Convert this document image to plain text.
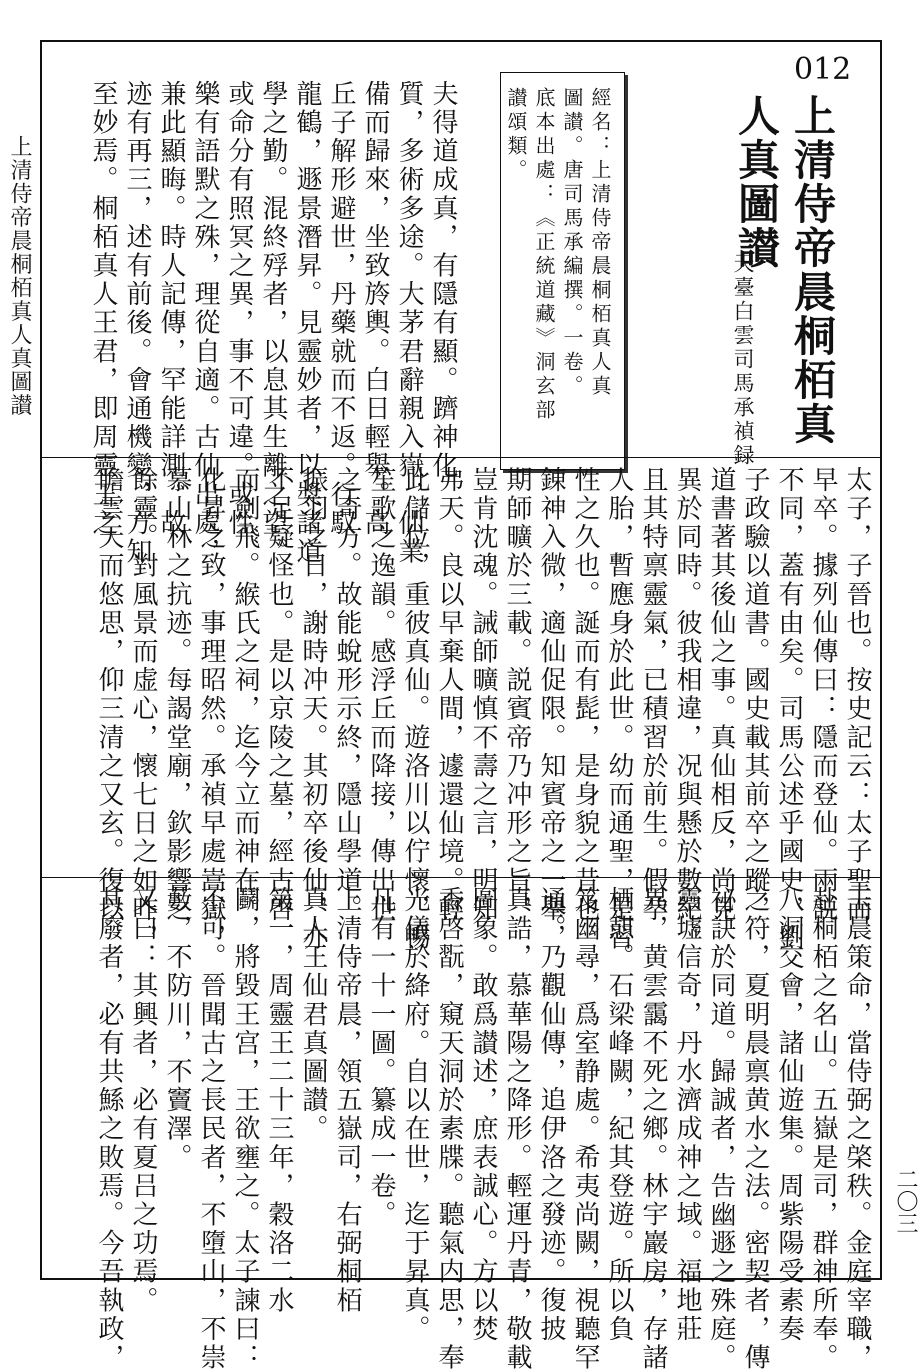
上清侍帝晨桐栢真人真圖讃
二〇三
012
上清侍帝晨桐栢真
人真圖讃
天臺白雲司馬承禎録
經名：上清侍帝晨桐栢真人真
圖讃。唐司馬承編撰。一卷。
底本出處：《正統道藏》洞玄部
讃頌類。
夫得道成真，有隱有顯。躋神化
質，多術多途。大茅君辭親入嶽，仙業
備而歸來，坐致旍輿。白日輕舉。高
丘子解形避世，丹藥就而不返。行馭
龍鶴，遯景潛昇。見靈妙者，以奬諸道
學之勤。混終殍者，以息其生離之望。
或命分有照冥之異，事不可違。或性
樂有語默之殊，理從自適。古仙出處，
兼此顯晦。時人記傳，罕能詳測。故
迹有再三，述有前後。會通機變，方知
至妙焉。桐栢真人王君，即周靈王之
太子，子晉也。按史記云：太子聖而
早卒。據列仙傳曰：隱而登仙。兩説
不同，蓋有由矣。司馬公述乎國史，劉
子政驗以道書。國史載其前卒之蹤，
道書著其後仙之事。真仙相反，尚見
異於同時。彼我相違，况與懸於數紀。
且其特禀靈氣，已積習於前生。假孕
人胎，暫應身於此世。幼而通聖，是習
性之久也。誕而有髭，是身貌之昔也。
錬神入微，適仙促限。知賓帝之一舉，
期師曠於三載。説賓帝乃冲形之旨，
豈肯沈魂。誡師曠慎不壽之言，明知
弗天。良以早棄人間，遽還仙境。輕
此儲位，重彼真仙。遊洛川以佇懷，暢
笙歌之逸韻。感浮丘而降接，傳出世
之奇方。故能蛻形示終，隱山學道。
振羽之日，謝時冲天。其初卒後仙，亦
不足疑怪也。是以京陵之墓，經古啓
而劍飛。緱氏之祠，迄今立而神在。
化昇之致，事理昭然。承禎早處嵩嶽，
慕山林之抗迹。每謁堂廟，欽影響之
餘靈。對風景而虚心，懷七日之如昨，
瞻雲天而悠思，仰三清之又玄。復以
玉晨策命，當侍弼之棨秩。金庭宰職，
赴桐栢之名山。五嶽是司，群神所奉。
八洞交會，諸仙遊集。周紫陽受素奏
之符，夏明晨禀黄水之法。密契者，傳
祕訣於同道。歸誠者，告幽遯之殊庭。
靈墟信奇，丹水濟成神之域。福地莊
異，黄雲靄不死之鄉。林宇巖房，存諸
栖憇。石梁峰闕，紀其登遊。所以負
笈幽尋，爲室静處。希夷尚闕，視聽罕
通。乃觀仙傳，追伊洛之發迹。復披
真誥，慕華陽之降形。輕運丹青，敬載
圖象。敢爲讃述，庶表誠心。方以焚
香啓翫，窺天洞於素牒。聽氣内思，奉
光儀於絳府。自以在世，迄于昇真。
凡有一十一圖。纂成一卷。
上清侍帝晨，領五嶽司，右弼桐栢
真人王仙君真圖讃。
第一，周靈王二十三年，穀洛二水
鬬，將毀王宫，王欲壅之。太子諫曰：
不可。晉聞古之長民者，不墮山，不崇
藪，不防川，不竇澤。
又曰：其興者，必有夏吕之功焉。
其廢者，必有共鯀之敗焉。今吾執政，
